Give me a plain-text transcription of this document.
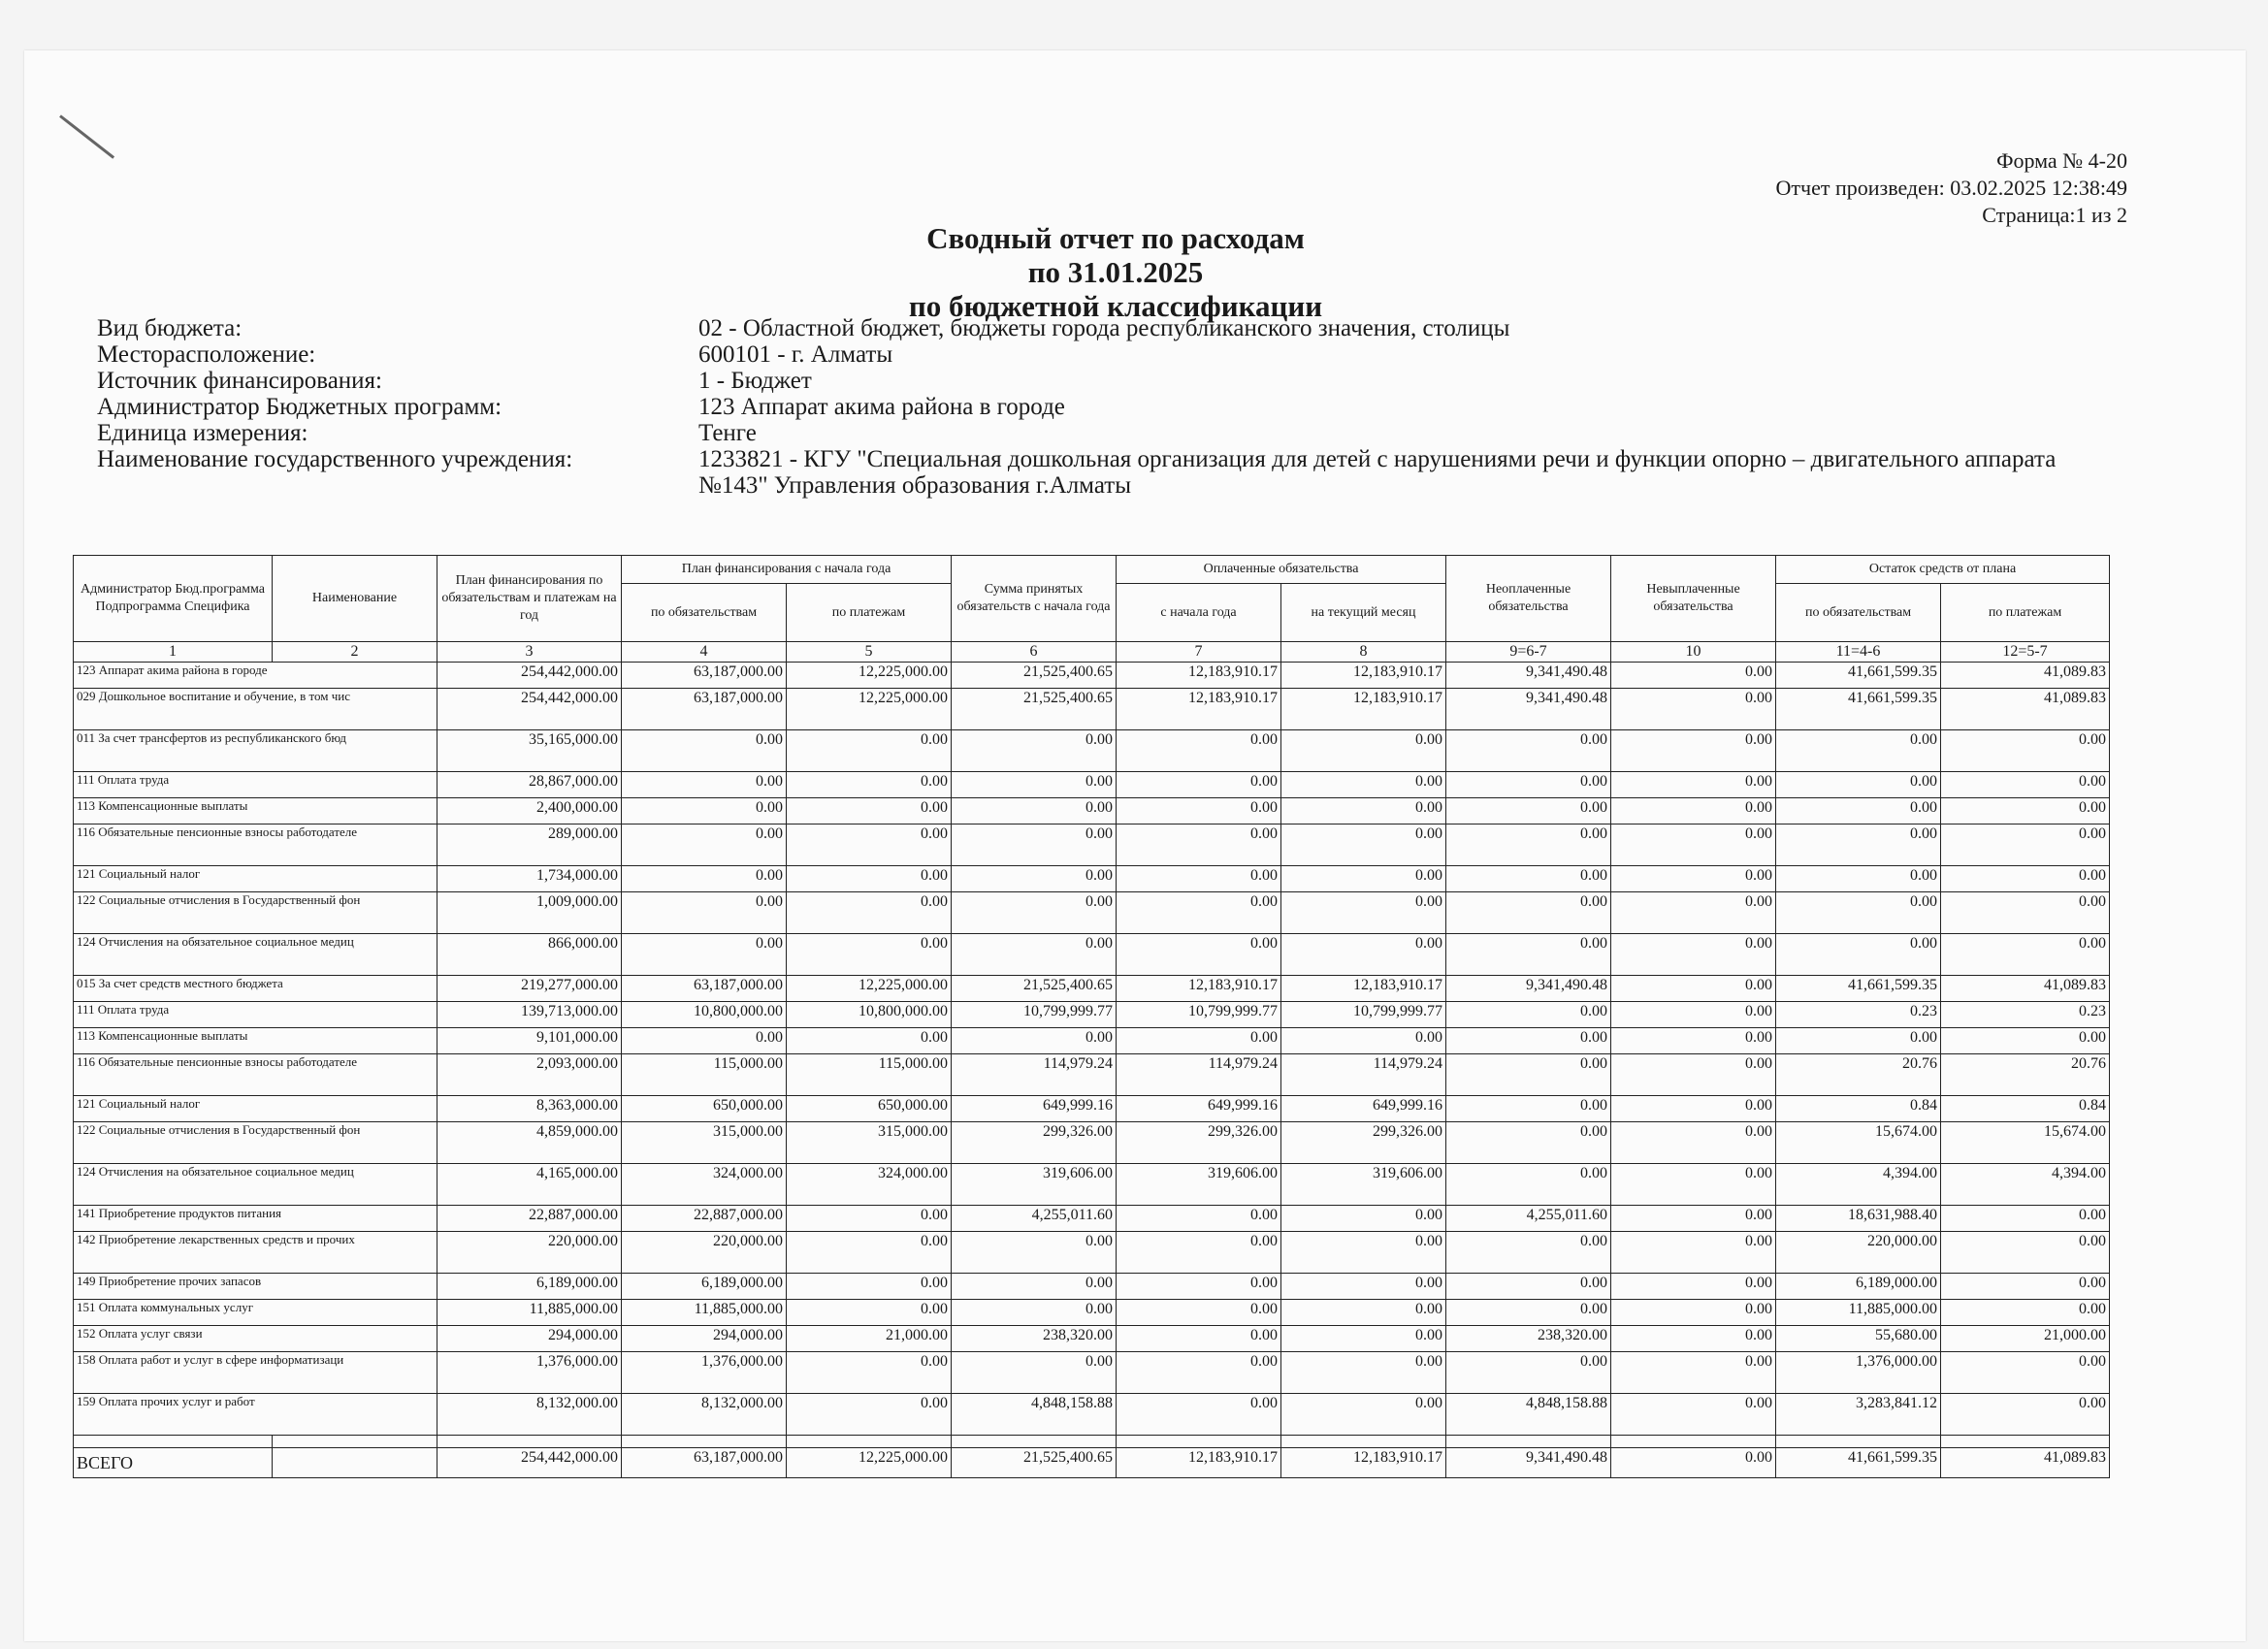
Форма № 4-20
Отчет произведен: 03.02.2025 12:38:49
Страница:1 из 2
Сводный отчет по расходам
по 31.01.2025
по бюджетной классификации
Вид бюджета:	02 - Областной бюджет, бюджеты города республиканского значения, столицы
Месторасположение:	600101 - г. Алматы
Источник финансирования:	1 - Бюджет
Администратор Бюджетных программ:	123 Аппарат акима района в городе
Единица измерения:	Тенге
Наименование государственного учреждения:	1233821 - КГУ "Специальная дошкольная организация для детей с нарушениями речи и функции опорно – двигательного аппарата №143" Управления образования г.Алматы
Администратор Бюд.программа Подпрограмма Специфика	Наименование	План финансирования по обязательствам и платежам на год	План финансирования с начала года		Сумма принятых обязательств с начала года	Оплаченные обязательства		Неоплаченные обязательства	Невыплаченные обязательства	Остаток средств от плана	
			по обязательствам	по платежам		с начала года	на текущий месяц			по обязательствам	по платежам
1	2	3	4	5	6	7	8	9=6-7	10	11=4-6	12=5-7
123 Аппарат акима района в городе		254,442,000.00	63,187,000.00	12,225,000.00	21,525,400.65	12,183,910.17	12,183,910.17	9,341,490.48	0.00	41,661,599.35	41,089.83
029 Дошкольное воспитание и обучение, в том чис		254,442,000.00	63,187,000.00	12,225,000.00	21,525,400.65	12,183,910.17	12,183,910.17	9,341,490.48	0.00	41,661,599.35	41,089.83
011 За счет трансфертов из республиканского бюд		35,165,000.00	0.00	0.00	0.00	0.00	0.00	0.00	0.00	0.00	0.00
111 Оплата труда		28,867,000.00	0.00	0.00	0.00	0.00	0.00	0.00	0.00	0.00	0.00
113 Компенсационные выплаты		2,400,000.00	0.00	0.00	0.00	0.00	0.00	0.00	0.00	0.00	0.00
116 Обязательные пенсионные взносы работодателе		289,000.00	0.00	0.00	0.00	0.00	0.00	0.00	0.00	0.00	0.00
121 Социальный налог		1,734,000.00	0.00	0.00	0.00	0.00	0.00	0.00	0.00	0.00	0.00
122 Социальные отчисления в Государственный фон		1,009,000.00	0.00	0.00	0.00	0.00	0.00	0.00	0.00	0.00	0.00
124 Отчисления на обязательное социальное медиц		866,000.00	0.00	0.00	0.00	0.00	0.00	0.00	0.00	0.00	0.00
015 За счет средств местного бюджета		219,277,000.00	63,187,000.00	12,225,000.00	21,525,400.65	12,183,910.17	12,183,910.17	9,341,490.48	0.00	41,661,599.35	41,089.83
111 Оплата труда		139,713,000.00	10,800,000.00	10,800,000.00	10,799,999.77	10,799,999.77	10,799,999.77	0.00	0.00	0.23	0.23
113 Компенсационные выплаты		9,101,000.00	0.00	0.00	0.00	0.00	0.00	0.00	0.00	0.00	0.00
116 Обязательные пенсионные взносы работодателе		2,093,000.00	115,000.00	115,000.00	114,979.24	114,979.24	114,979.24	0.00	0.00	20.76	20.76
121 Социальный налог		8,363,000.00	650,000.00	650,000.00	649,999.16	649,999.16	649,999.16	0.00	0.00	0.84	0.84
122 Социальные отчисления в Государственный фон		4,859,000.00	315,000.00	315,000.00	299,326.00	299,326.00	299,326.00	0.00	0.00	15,674.00	15,674.00
124 Отчисления на обязательное социальное медиц		4,165,000.00	324,000.00	324,000.00	319,606.00	319,606.00	319,606.00	0.00	0.00	4,394.00	4,394.00
141 Приобретение продуктов питания		22,887,000.00	22,887,000.00	0.00	4,255,011.60	0.00	0.00	4,255,011.60	0.00	18,631,988.40	0.00
142 Приобретение лекарственных средств и прочих		220,000.00	220,000.00	0.00	0.00	0.00	0.00	0.00	0.00	220,000.00	0.00
149 Приобретение прочих запасов		6,189,000.00	6,189,000.00	0.00	0.00	0.00	0.00	0.00	0.00	6,189,000.00	0.00
151 Оплата коммунальных услуг		11,885,000.00	11,885,000.00	0.00	0.00	0.00	0.00	0.00	0.00	11,885,000.00	0.00
152 Оплата услуг связи		294,000.00	294,000.00	21,000.00	238,320.00	0.00	0.00	238,320.00	0.00	55,680.00	21,000.00
158 Оплата работ и услуг в сфере информатизаци		1,376,000.00	1,376,000.00	0.00	0.00	0.00	0.00	0.00	0.00	1,376,000.00	0.00
159 Оплата прочих услуг и работ		8,132,000.00	8,132,000.00	0.00	4,848,158.88	0.00	0.00	4,848,158.88	0.00	3,283,841.12	0.00

ВСЕГО		254,442,000.00	63,187,000.00	12,225,000.00	21,525,400.65	12,183,910.17	12,183,910.17	9,341,490.48	0.00	41,661,599.35	41,089.83
